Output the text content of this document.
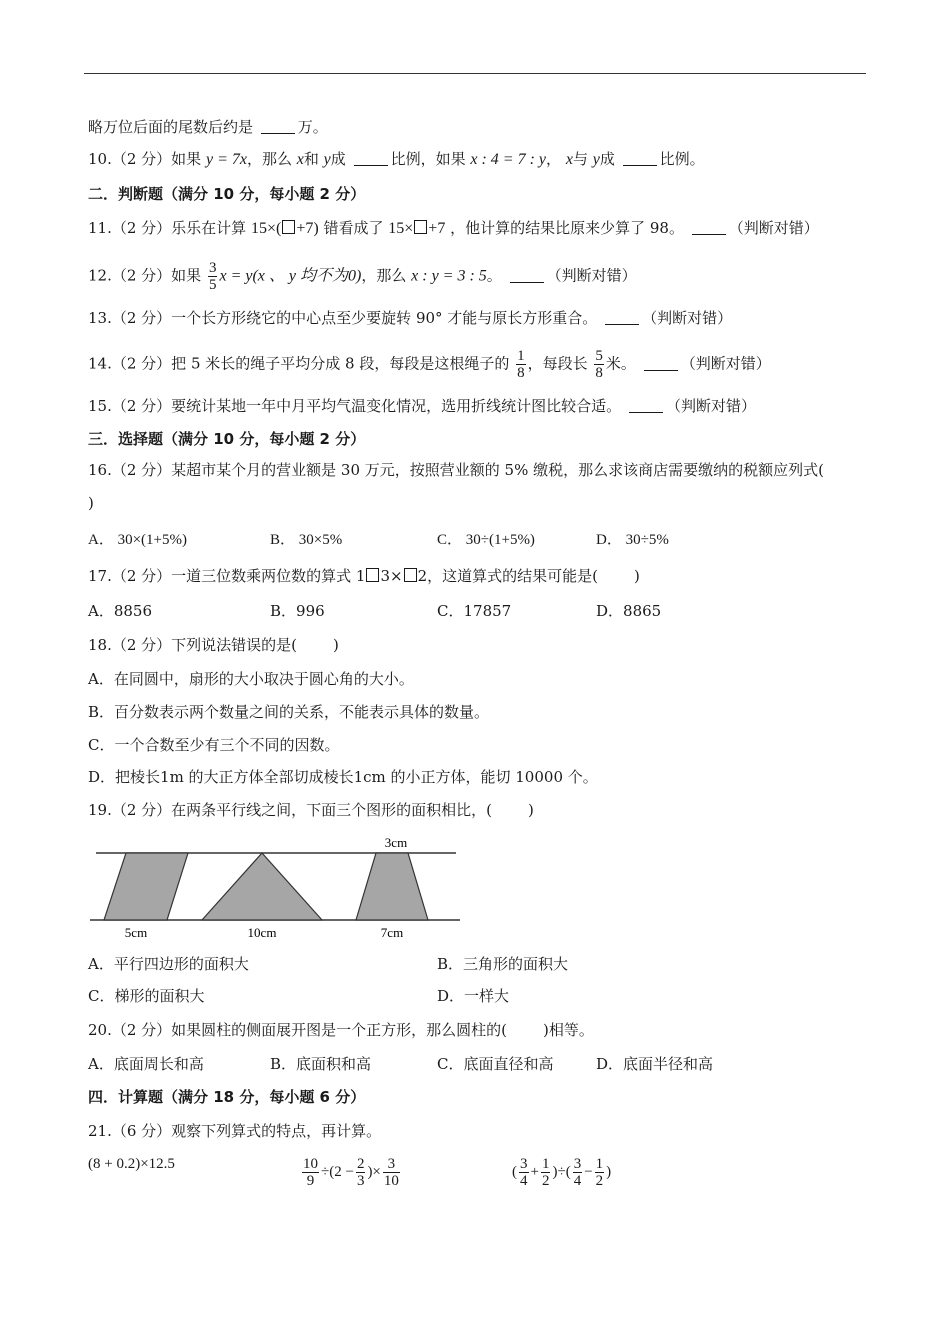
略万位后面的尾数后约是	万。
10.（2 分）如果 y = 7x，那么 x和 y成	比例，如果 x : 4 = 7 : y， x与 y成	比例。
二．判断题（满分 10 分，每小题 2 分）
11.（2 分）乐乐在计算 15×( +7) 错看成了 15× +7 ，他计算的结果比原来少算了 98。	（判断对错）
12.（2 分）如果 $\frac{3}{5}$ x = y(x 、 y 均不为0)，那么 x : y = 3 : 5。	（判断对错）
13.（2 分）一个长方形绕它的中心点至少要旋转 90° 才能与原长方形重合。	（判断对错）
14.（2 分）把 5 米长的绳子平均分成 8 段，每段是这根绳子的 $\frac{1}{8}$ ，每段长 $\frac{5}{8}$ 米。	（判断对错）
15.（2 分）要统计某地一年中月平均气温变化情况，选用折线统计图比较合适。	（判断对错）
三．选择题（满分 10 分，每小题 2 分）
16.（2 分）某超市某个月的营业额是 30 万元，按照营业额的 5% 缴税，那么求该商店需要缴纳的税额应列式()
A． 30×(1+5%)	B． 30×5%	C． 30÷(1+5%)	D． 30÷5%
17.（2 分）一道三位数乘两位数的算式 1 3× 2，这道算式的结果可能是( )
A．8856	B．996	C．17857	D．8865
18.（2 分）下列说法错误的是( )
A．在同圆中，扇形的大小取决于圆心角的大小。
B．百分数表示两个数量之间的关系，不能表示具体的数量。
C．一个合数至少有三个不同的因数。
D．把棱长1m 的大正方体全部切成棱长1cm 的小正方体，能切 10000 个。
19.（2 分）在两条平行线之间，下面三个图形的面积相比，( )
3cm
5cm	10cm	7cm
A．平行四边形的面积大	B．三角形的面积大
C．梯形的面积大	D．一样大
20.（2 分）如果圆柱的侧面展开图是一个正方形，那么圆柱的( )相等。
A．底面周长和高	B．底面积和高	C．底面直径和高	D．底面半径和高
四．计算题（满分 18 分，每小题 6 分）
21.（6 分）观察下列算式的特点，再计算。
(8 + 0.2)×12.5	$\frac{10}{9} \div(2 - \frac{2}{3}$ )× $\frac{3}{10}$	( $\frac{3}{4} + \frac{1}{2}$ )÷( $\frac{3}{4} - \frac{1}{2}$ )
